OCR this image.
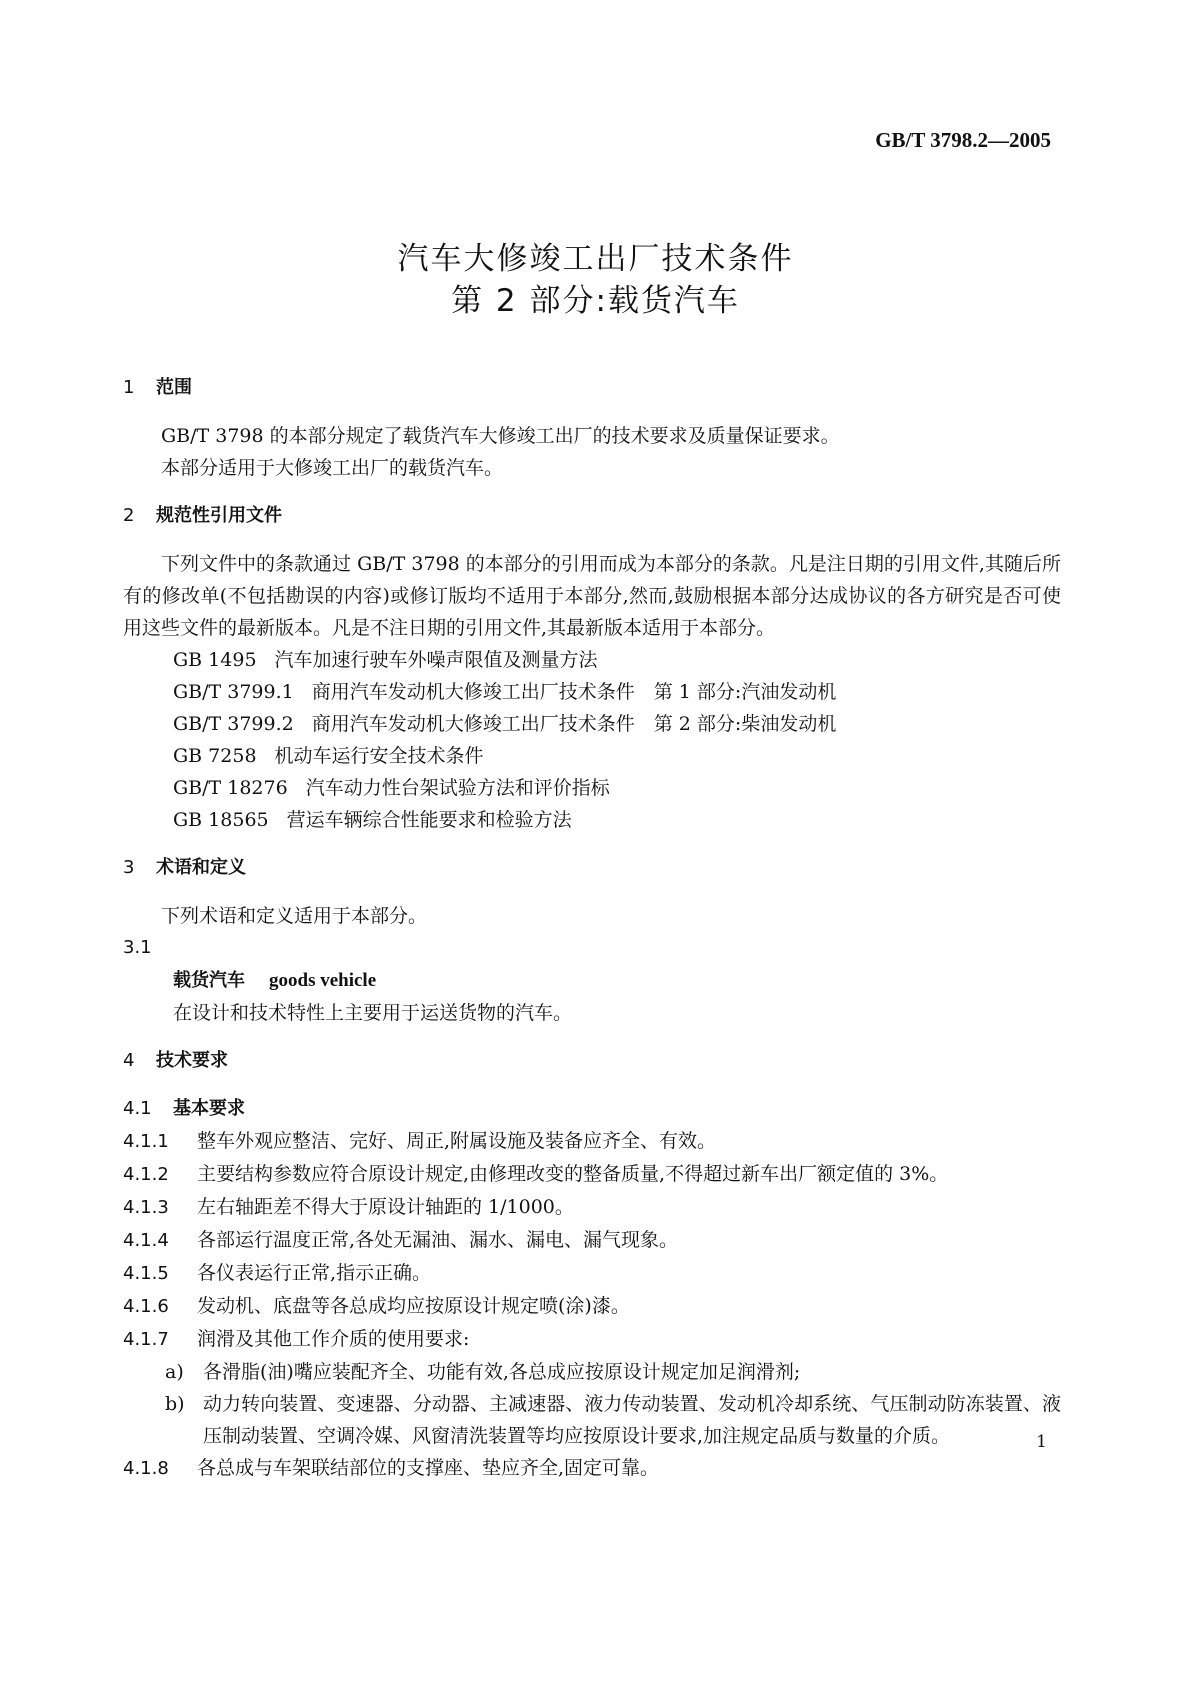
GB/T 3798.2—2005
汽车大修竣工出厂技术条件
第 2 部分:载货汽车
1 范围

GB/T 3798 的本部分规定了载货汽车大修竣工出厂的技术要求及质量保证要求。

本部分适用于大修竣工出厂的载货汽车。

2 规范性引用文件

下列文件中的条款通过 GB/T 3798 的本部分的引用而成为本部分的条款。凡是注日期的引用文件,其随后所有的修改单(不包括勘误的内容)或修订版均不适用于本部分,然而,鼓励根据本部分达成协议的各方研究是否可使用这些文件的最新版本。凡是不注日期的引用文件,其最新版本适用于本部分。

GB 1495 汽车加速行驶车外噪声限值及测量方法
GB/T 3799.1 商用汽车发动机大修竣工出厂技术条件　第 1 部分:汽油发动机
GB/T 3799.2 商用汽车发动机大修竣工出厂技术条件　第 2 部分:柴油发动机
GB 7258 机动车运行安全技术条件
GB/T 18276 汽车动力性台架试验方法和评价指标
GB 18565 营运车辆综合性能要求和检验方法
3 术语和定义

下列术语和定义适用于本部分。

3.1
载货汽车 goods vehicle
在设计和技术特性上主要用于运送货物的汽车。
4 技术要求
4.1 基本要求
4.1.1 整车外观应整洁、完好、周正,附属设施及装备应齐全、有效。
4.1.2 主要结构参数应符合原设计规定,由修理改变的整备质量,不得超过新车出厂额定值的 3%。
4.1.3 左右轴距差不得大于原设计轴距的 1/1000。
4.1.4 各部运行温度正常,各处无漏油、漏水、漏电、漏气现象。
4.1.5 各仪表运行正常,指示正确。
4.1.6 发动机、底盘等各总成均应按原设计规定喷(涂)漆。
4.1.7 润滑及其他工作介质的使用要求:
a) 各滑脂(油)嘴应装配齐全、功能有效,各总成应按原设计规定加足润滑剂;
b) 动力转向装置、变速器、分动器、主减速器、液力传动装置、发动机冷却系统、气压制动防冻装置、液压制动装置、空调冷媒、风窗清洗装置等均应按原设计要求,加注规定品质与数量的介质。
4.1.8 各总成与车架联结部位的支撑座、垫应齐全,固定可靠。
1
